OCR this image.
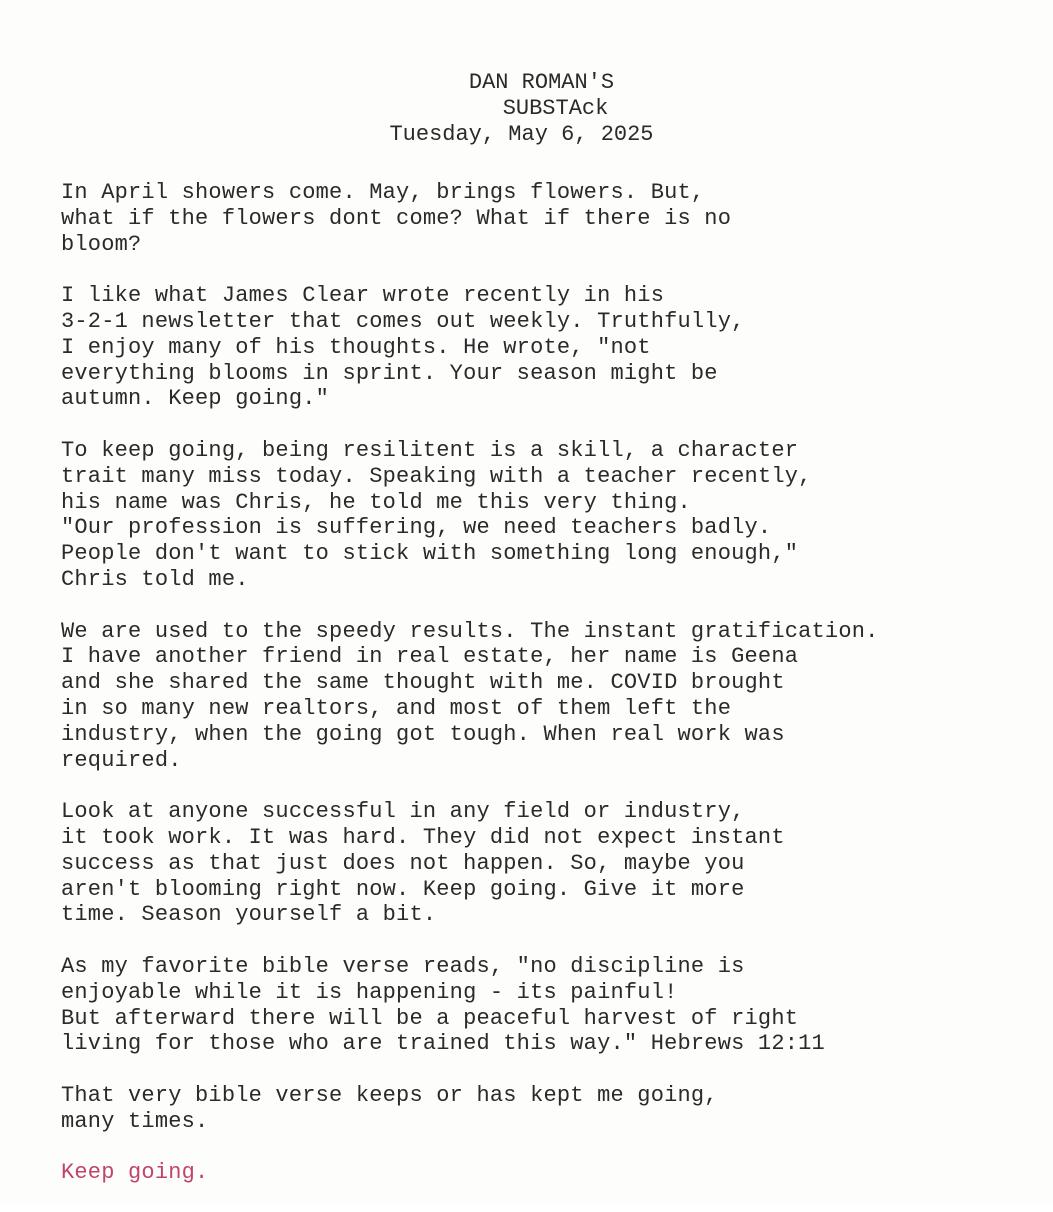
DAN ROMAN'S
SUBSTAck
Tuesday, May 6, 2025
In April showers come. May, brings flowers. But,
what if the flowers dont come? What if there is no
bloom?
I like what James Clear wrote recently in his
3-2-1 newsletter that comes out weekly. Truthfully,
I enjoy many of his thoughts. He wrote, "not
everything blooms in sprint. Your season might be
autumn. Keep going."
To keep going, being resilitent is a skill, a character
trait many miss today. Speaking with a teacher recently,
his name was Chris, he told me this very thing.
"Our profession is suffering, we need teachers badly.
People don't want to stick with something long enough,"
Chris told me.
We are used to the speedy results. The instant gratification.
I have another friend in real estate, her name is Geena
and she shared the same thought with me. COVID brought
in so many new realtors, and most of them left the
industry, when the going got tough. When real work was
required.
Look at anyone successful in any field or industry,
it took work. It was hard. They did not expect instant
success as that just does not happen. So, maybe you
aren't blooming right now. Keep going. Give it more
time. Season yourself a bit.
As my favorite bible verse reads, "no discipline is
enjoyable while it is happening - its painful!
But afterward there will be a peaceful harvest of right
living for those who are trained this way." Hebrews 12:11
That very bible verse keeps or has kept me going,
many times.
Keep going.
